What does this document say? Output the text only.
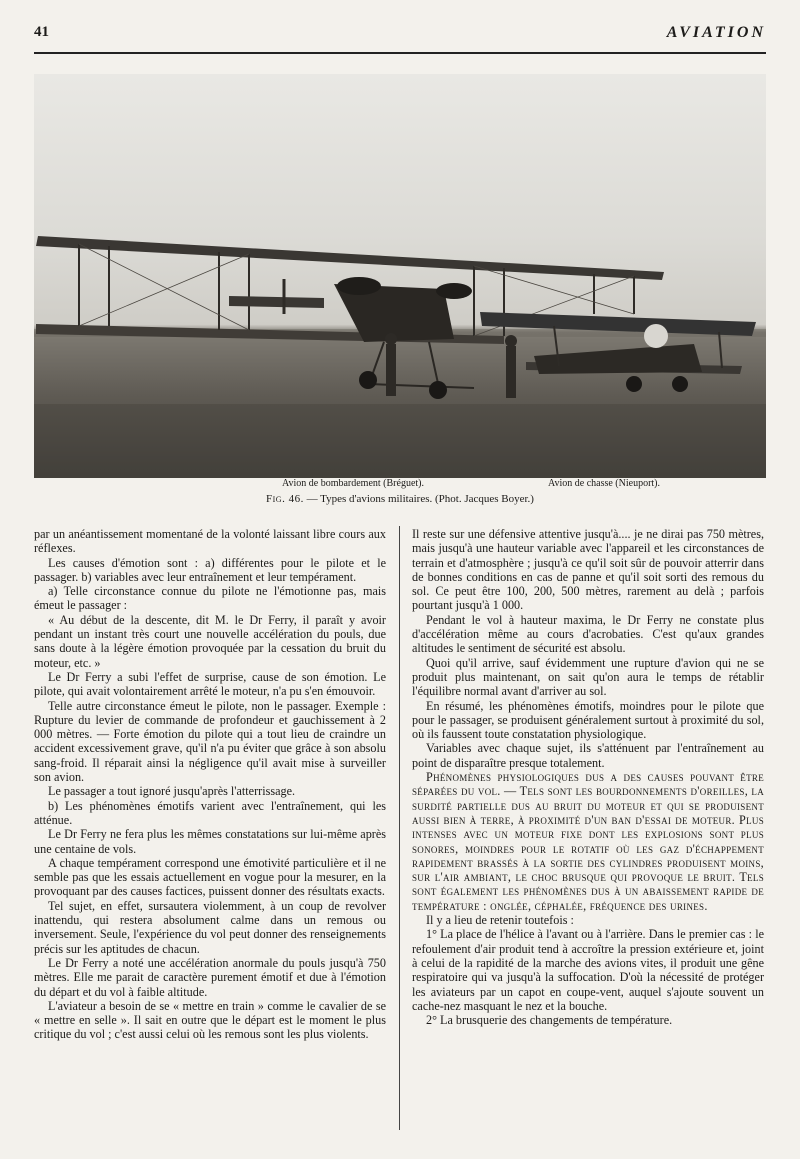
41	AVIATION
Avion de bombardement (Bréguet).	Avion de chasse (Nieuport).
Fig. 46. — Types d'avions militaires. (Phot. Jacques Boyer.)

par un anéantissement momentané de la volonté laissant libre cours aux réflexes.

Les causes d'émotion sont : a) différentes pour le pilote et le passager. b) variables avec leur entraînement et leur tempérament.

a) Telle circonstance connue du pilote ne l'émotionne pas, mais émeut le passager :

« Au début de la descente, dit M. le Dr Ferry, il paraît y avoir pendant un instant très court une nouvelle accélération du pouls, due sans doute à la légère émotion provoquée par la cessation du bruit du moteur, etc. »

Le Dr Ferry a subi l'effet de surprise, cause de son émotion. Le pilote, qui avait volontairement arrêté le moteur, n'a pu s'en émouvoir.

Telle autre circonstance émeut le pilote, non le passager. Exemple : Rupture du levier de commande de profondeur et gauchissement à 2 000 mètres. — Forte émotion du pilote qui a tout lieu de craindre un accident excessivement grave, qu'il n'a pu éviter que grâce à son absolu sang-froid. Il réparait ainsi la négligence qu'il avait mise à surveiller son avion.

Le passager a tout ignoré jusqu'après l'atterrissage.

b) Les phénomènes émotifs varient avec l'entraînement, qui les atténue.

Le Dr Ferry ne fera plus les mêmes constatations sur lui-même après une centaine de vols.

A chaque tempérament correspond une émotivité particulière et il ne semble pas que les essais actuellement en vogue pour la mesurer, en la provoquant par des causes factices, puissent donner des résultats exacts.

Tel sujet, en effet, sursautera violemment, à un coup de revolver inattendu, qui restera absolument calme dans un remous ou inversement. Seule, l'expérience du vol peut donner des renseignements précis sur les aptitudes de chacun.

Le Dr Ferry a noté une accélération anormale du pouls jusqu'à 750 mètres. Elle me parait de caractère purement émotif et due à l'émotion du départ et du vol à faible altitude.

L'aviateur a besoin de se « mettre en train » comme le cavalier de se « mettre en selle ». Il sait en outre que le départ est le moment le plus critique du vol ; c'est aussi celui où les remous sont les plus violents.

Il reste sur une défensive attentive jusqu'à.... je ne dirai pas 750 mètres, mais jusqu'à une hauteur variable avec l'appareil et les circonstances de terrain et d'atmosphère ; jusqu'à ce qu'il soit sûr de pouvoir atterrir dans de bonnes conditions en cas de panne et qu'il soit sorti des remous du sol. Ce peut être 100, 200, 500 mètres, rarement au delà ; parfois pourtant jusqu'à 1 000.

Pendant le vol à hauteur maxima, le Dr Ferry ne constate plus d'accélération même au cours d'acrobaties. C'est qu'aux grandes altitudes le sentiment de sécurité est absolu.

Quoi qu'il arrive, sauf évidemment une rupture d'avion qui ne se produit plus maintenant, on sait qu'on aura le temps de rétablir l'équilibre normal avant d'arriver au sol.

En résumé, les phénomènes émotifs, moindres pour le pilote que pour le passager, se produisent généralement surtout à proximité du sol, où ils faussent toute constatation physiologique.

Variables avec chaque sujet, ils s'atténuent par l'entraînement au point de disparaître presque totalement.

Phénomènes physiologiques dus a des causes pouvant être séparées du vol. — Tels sont les bourdonnements d'oreilles, la surdité partielle dus au bruit du moteur et qui se produisent aussi bien à terre, à proximité d'un ban d'essai de moteur. Plus intenses avec un moteur fixe dont les explosions sont plus sonores, moindres pour le rotatif où les gaz d'échappement rapidement brassés à la sortie des cylindres produisent moins, sur l'air ambiant, le choc brusque qui provoque le bruit. Tels sont également les phénomènes dus à un abaissement rapide de température : onglée, céphalée, fréquence des urines.

Il y a lieu de retenir toutefois :

1° La place de l'hélice à l'avant ou à l'arrière. Dans le premier cas : le refoulement d'air produit tend à accroître la pression extérieure et, joint à celui de la rapidité de la marche des avions vites, il produit une gêne respiratoire qui va jusqu'à la suffocation. D'où la nécessité de protéger les aviateurs par un capot en coupe-vent, auquel s'ajoute souvent un cache-nez masquant le nez et la bouche.

2° La brusquerie des changements de température.
